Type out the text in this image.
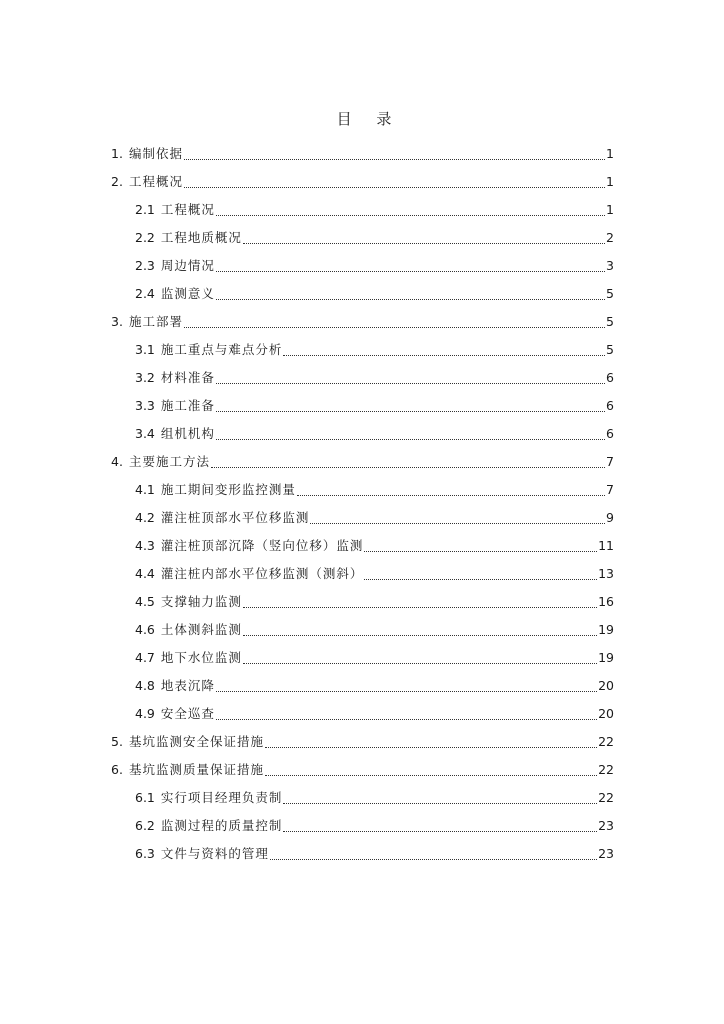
目 录
1. 编制依据	1
2. 工程概况	1
2.1 工程概况	1
2.2 工程地质概况	2
2.3 周边情况	3
2.4 监测意义	5
3. 施工部署	5
3.1 施工重点与难点分析	5
3.2 材料准备	6
3.3 施工准备	6
3.4 组机机构	6
4. 主要施工方法	7
4.1 施工期间变形监控测量	7
4.2 灌注桩顶部水平位移监测	9
4.3 灌注桩顶部沉降（竖向位移）监测	11
4.4 灌注桩内部水平位移监测（测斜）	13
4.5 支撑轴力监测	16
4.6 土体测斜监测	19
4.7 地下水位监测	19
4.8 地表沉降	20
4.9 安全巡查	20
5. 基坑监测安全保证措施	22
6. 基坑监测质量保证措施	22
6.1 实行项目经理负责制	22
6.2 监测过程的质量控制	23
6.3 文件与资料的管理	23
